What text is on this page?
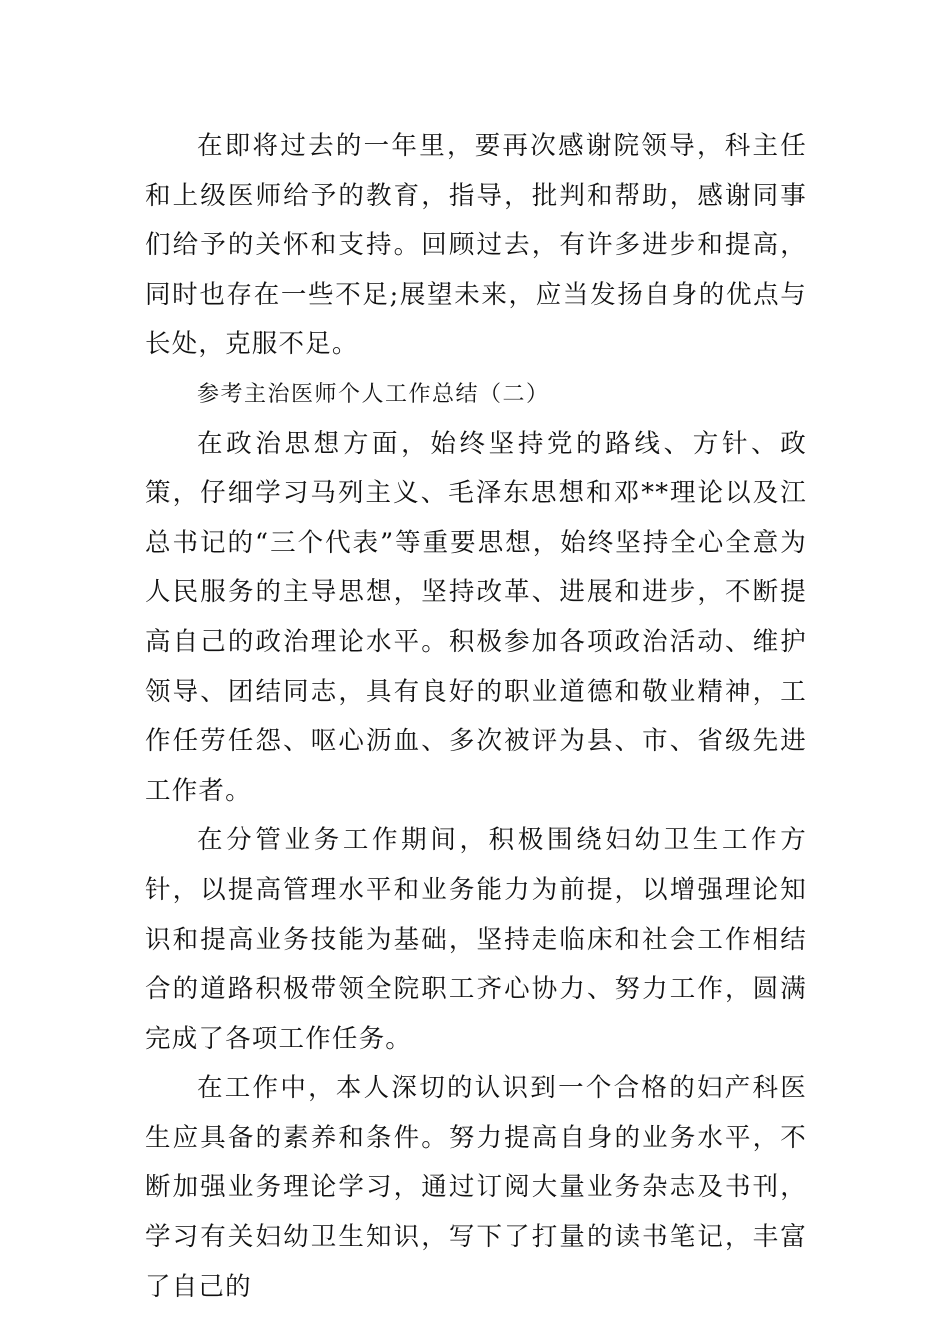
在即将过去的一年里，要再次感谢院领导，科主任和上级医师给予的教育，指导，批判和帮助，感谢同事们给予的关怀和支持。回顾过去，有许多进步和提高，同时也存在一些不足;展望未来，应当发扬自身的优点与长处，克服不足。

参考主治医师个人工作总结（二）

在政治思想方面，始终坚持党的路线、方针、政策，仔细学习马列主义、毛泽东思想和邓**理论以及江总书记的“三个代表”等重要思想，始终坚持全心全意为人民服务的主导思想，坚持改革、进展和进步，不断提高自己的政治理论水平。积极参加各项政治活动、维护领导、团结同志，具有良好的职业道德和敬业精神，工作任劳任怨、呕心沥血、多次被评为县、市、省级先进工作者。

在分管业务工作期间，积极围绕妇幼卫生工作方针，以提高管理水平和业务能力为前提，以增强理论知识和提高业务技能为基础，坚持走临床和社会工作相结合的道路积极带领全院职工齐心协力、努力工作，圆满完成了各项工作任务。

在工作中，本人深切的认识到一个合格的妇产科医生应具备的素养和条件。努力提高自身的业务水平，不断加强业务理论学习，通过订阅大量业务杂志及书刊，学习有关妇幼卫生知识，写下了打量的读书笔记，丰富了自己的
